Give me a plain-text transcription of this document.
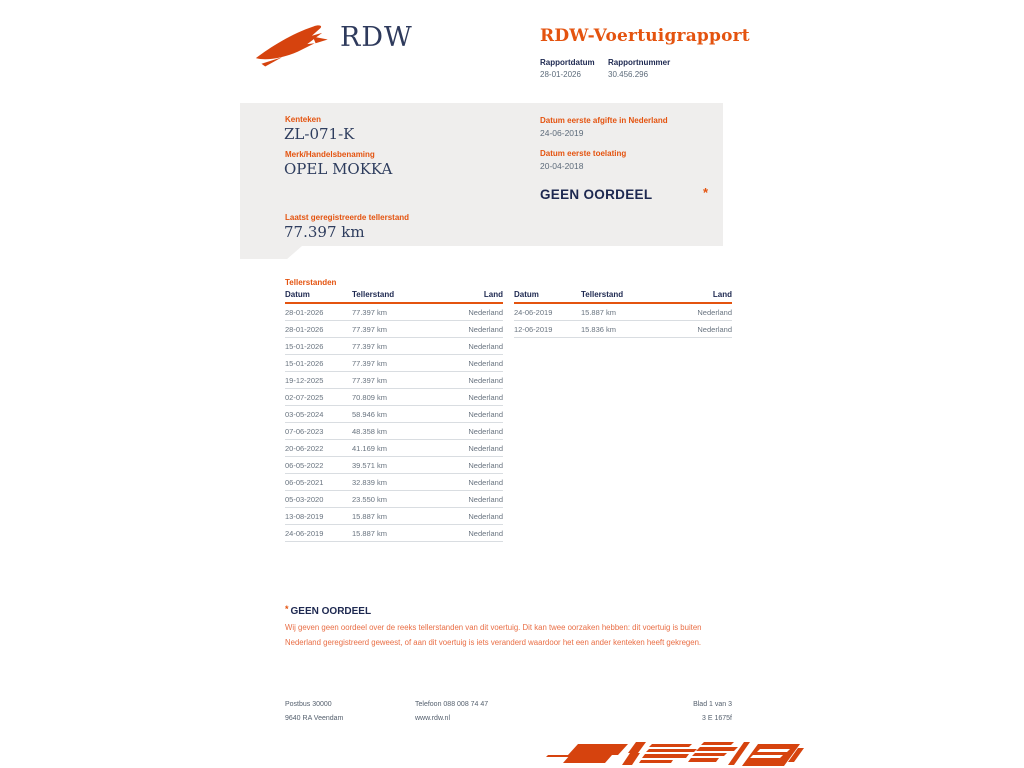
RDW	RDW-Voertuigrapport
Rapportdatum Rapportnummer
28-01-2026	30.456.296
Kenteken
ZL-071-K
Merk/Handelsbenaming
OPEL MOKKA
Laatst geregistreerde tellerstand
77.397 km
Datum eerste afgifte in Nederland
24-06-2019
Datum eerste toelating
20-04-2018
GEEN OORDEEL	*
Tellerstanden
Datum	Tellerstand	Land
28-01-2026	77.397 km	Nederland
28-01-2026	77.397 km	Nederland
15-01-2026	77.397 km	Nederland
15-01-2026	77.397 km	Nederland
19-12-2025	77.397 km	Nederland
02-07-2025	70.809 km	Nederland
03-05-2024	58.946 km	Nederland
07-06-2023	48.358 km	Nederland
20-06-2022	41.169 km	Nederland
06-05-2022	39.571 km	Nederland
06-05-2021	32.839 km	Nederland
05-03-2020	23.550 km	Nederland
13-08-2019	15.887 km	Nederland
24-06-2019	15.887 km	Nederland
Datum	Tellerstand	Land
24-06-2019	15.887 km	Nederland
12-06-2019	15.836 km	Nederland
* GEEN OORDEEL
Wij geven geen oordeel over de reeks tellerstanden van dit voertuig. Dit kan twee oorzaken hebben: dit voertuig is buiten Nederland geregistreerd geweest, of aan dit voertuig is iets veranderd waardoor het een ander kenteken heeft gekregen.
Postbus 30000
9640 RA Veendam
Telefoon 088 008 74 47
www.rdw.nl
Blad 1 van 3
3 E 1675f
